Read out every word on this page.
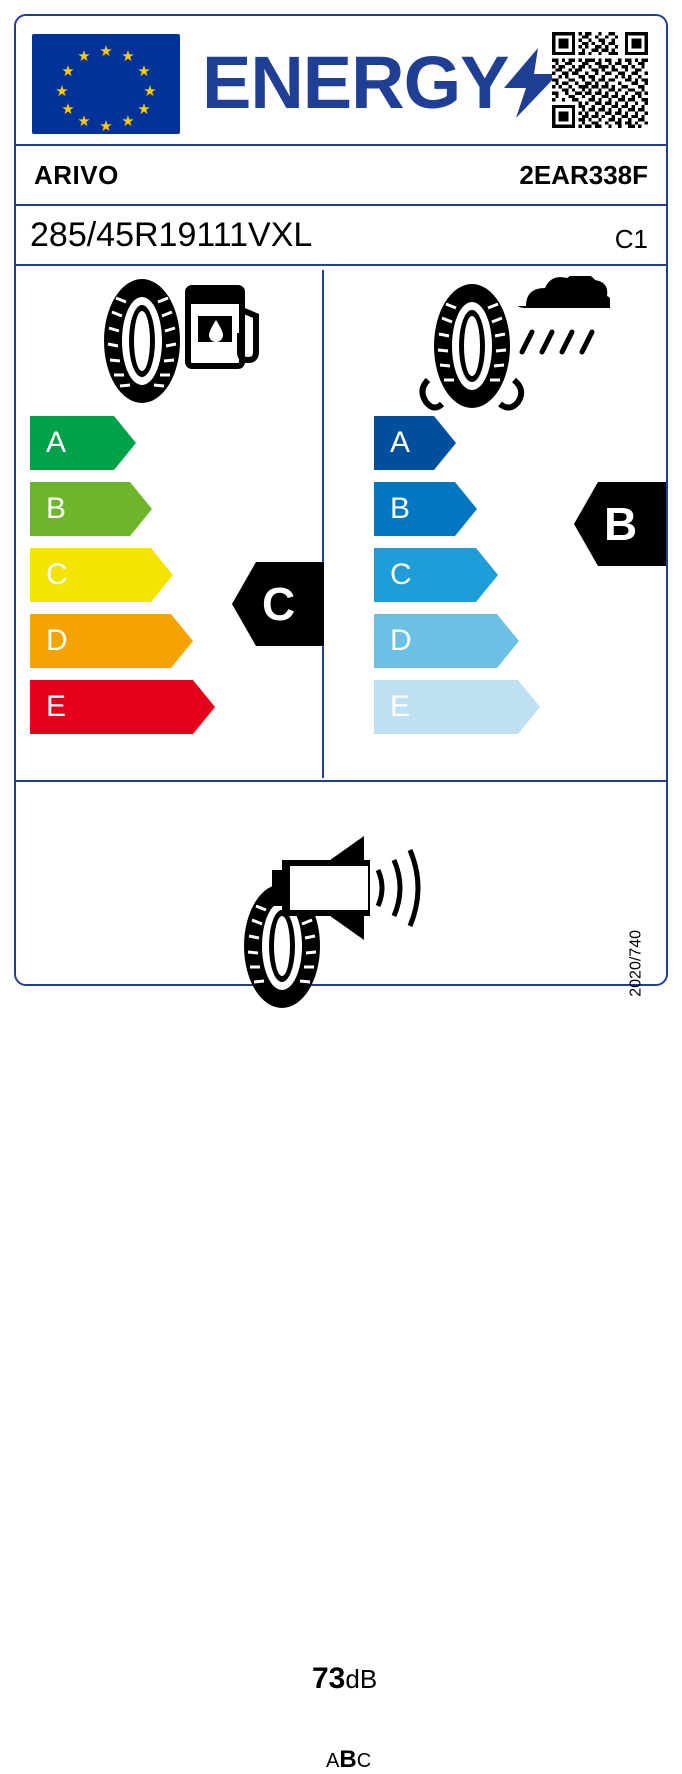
★ ★
★
★
★
★
★
★
★
★
★
★ ENERGY
ARIVO	2EAR338F
285/45R19111VXL	C1
A
B
C
D
E
C
A
B
C
D
E
B
73dB
ABC
2020/740
